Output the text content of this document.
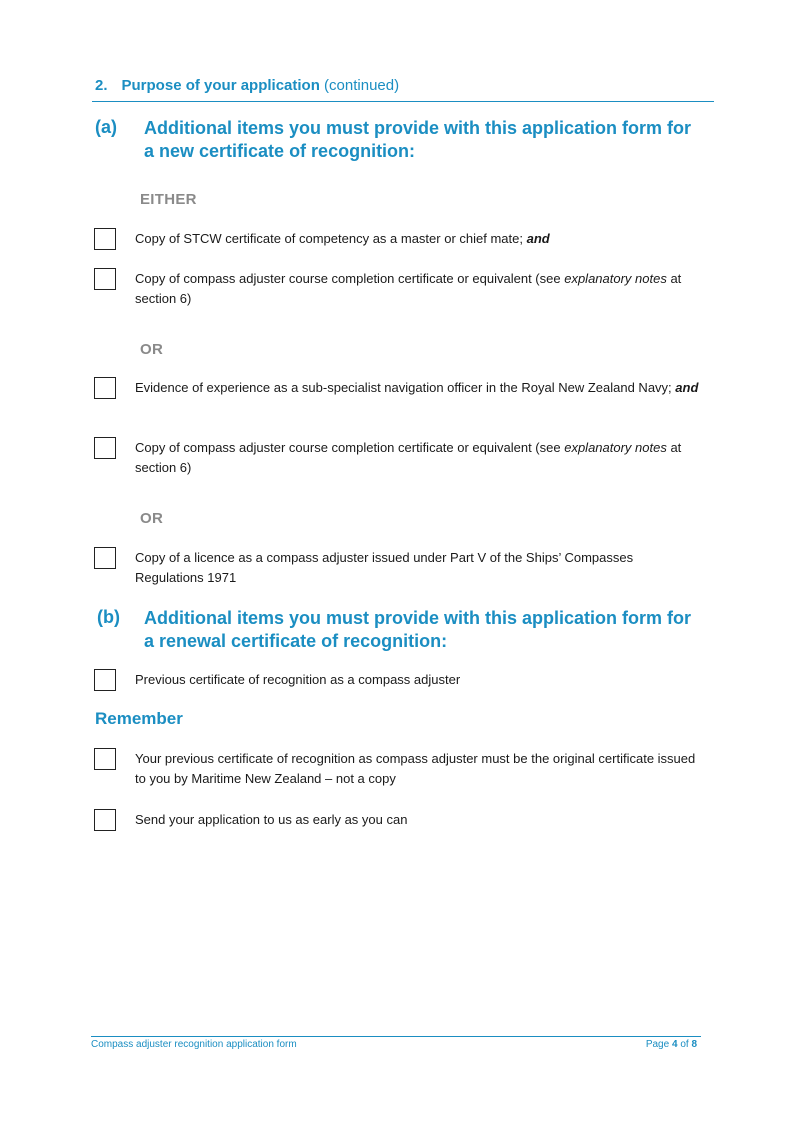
2. Purpose of your application (continued)
(a) Additional items you must provide with this application form for a new certificate of recognition:
EITHER
Copy of STCW certificate of competency as a master or chief mate; and
Copy of compass adjuster course completion certificate or equivalent (see explanatory notes at section 6)
OR
Evidence of experience as a sub-specialist navigation officer in the Royal New Zealand Navy; and
Copy of compass adjuster course completion certificate or equivalent (see explanatory notes at section 6)
OR
Copy of a licence as a compass adjuster issued under Part V of the Ships’ Compasses Regulations 1971
(b) Additional items you must provide with this application form for a renewal certificate of recognition:
Previous certificate of recognition as a compass adjuster
Remember
Your previous certificate of recognition as compass adjuster must be the original certificate issued to you by Maritime New Zealand – not a copy
Send your application to us as early as you can
Compass adjuster recognition application form	Page 4 of 8
